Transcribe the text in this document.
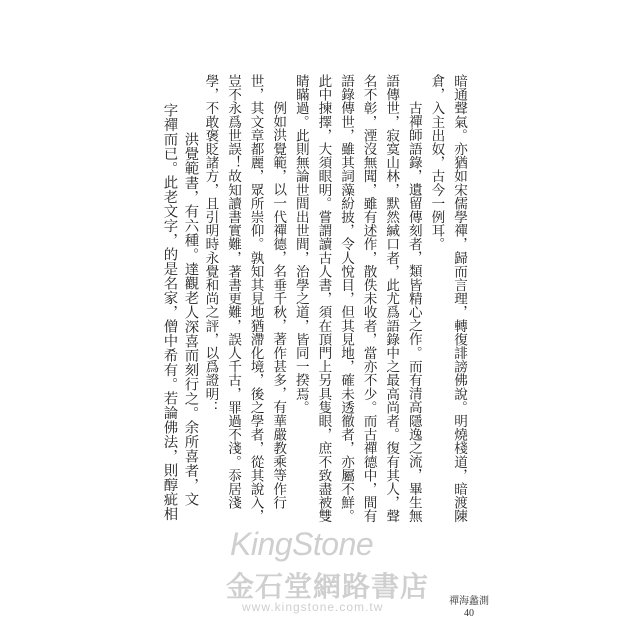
暗通聲氣。亦猶如宋儒學禪，歸而言理，轉復誹謗佛說。明燒棧道，暗渡陳
倉，入主出奴，古今一例耳。
古禪師語錄，遺留傳刻者，類皆精心之作。而有清高隱逸之流，畢生無
語傳世，寂寞山林，默然緘口者，此尤爲語錄中之最高尚者。復有其人，聲
名不彰，湮沒無聞，雖有述作，散佚未收者，當亦不少。而古禪德中，間有
語錄傳世，雖其詞藻紛披，令人悅目，但其見地，確未透徹者，亦屬不鮮。
此中揀擇，大須眼明。嘗謂讀古人書，須在頂門上另具隻眼，庶不致盡被雙
睛瞞過。此則無論世間出世間，治學之道，皆同一揆焉。
例如洪覺範，以一代禪德，名垂千秋，著作甚多，有華嚴教乘等作行
世，其文章都麗，眾所崇仰。孰知其見地猶滯化境，後之學者，從其說入，
豈不永爲世誤！故知讀書實難，著書更難，誤人千古，罪過不淺。忝居淺
學，不敢褒貶諸方，且引明時永覺和尚之評，以爲證明：
洪覺範書，有六種。達觀老人深喜而刻行之。余所喜者，文
字禪而已。此老文字，的是名家，僧中希有。若論佛法，則醇疵相
KingStone
金石堂網路書店
www.kingstone.com.tw	禪海蠡測
40
